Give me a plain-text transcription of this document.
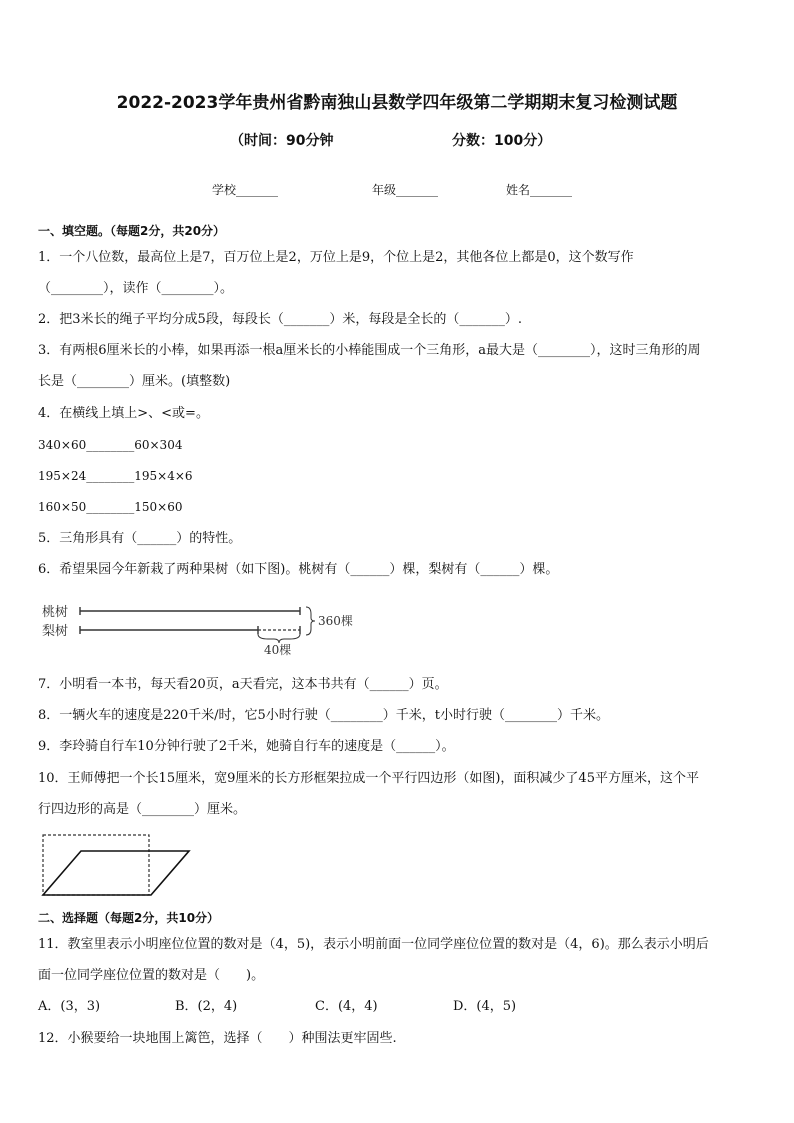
2022-2023学年贵州省黔南独山县数学四年级第二学期期末复习检测试题
（时间：90分钟	分数：100分）
学校_______	年级_______	姓名_______
一、填空题。（每题2分，共20分）
1．一个八位数，最高位上是7，百万位上是2，万位上是9，个位上是2，其他各位上都是0，这个数写作
（________），读作（________）。
2．把3米长的绳子平均分成5段，每段长（_______）米，每段是全长的（_______）.
3．有两根6厘米长的小棒，如果再添一根a厘米长的小棒能围成一个三角形，a最大是（________），这时三角形的周
长是（________）厘米。(填整数)
4．在横线上填上>、<或=。
340×60________60×304
195×24________195×4×6
160×50________150×60
5．三角形具有（______）的特性。
6．希望果园今年新栽了两种果树（如下图)。桃树有（______）棵，梨树有（______）棵。
桃树
梨树
40棵
360棵
7．小明看一本书，每天看20页，a天看完，这本书共有（______）页。
8．一辆火车的速度是220千米/时，它5小时行驶（________）千米，t小时行驶（________）千米。
9．李玲骑自行车10分钟行驶了2千米，她骑自行车的速度是（______）。
10．王师傅把一个长15厘米，宽9厘米的长方形框架拉成一个平行四边形（如图)，面积减少了45平方厘米，这个平
行四边形的高是（________）厘米。
二、选择题（每题2分，共10分）
11．教室里表示小明座位位置的数对是（4，5)，表示小明前面一位同学座位位置的数对是（4，6)。那么表示小明后
面一位同学座位位置的数对是（　　)。
A．(3，3)	B．(2，4)	C．(4，4)	D．(4，5)
12．小猴要给一块地围上篱笆，选择（　　）种围法更牢固些.
